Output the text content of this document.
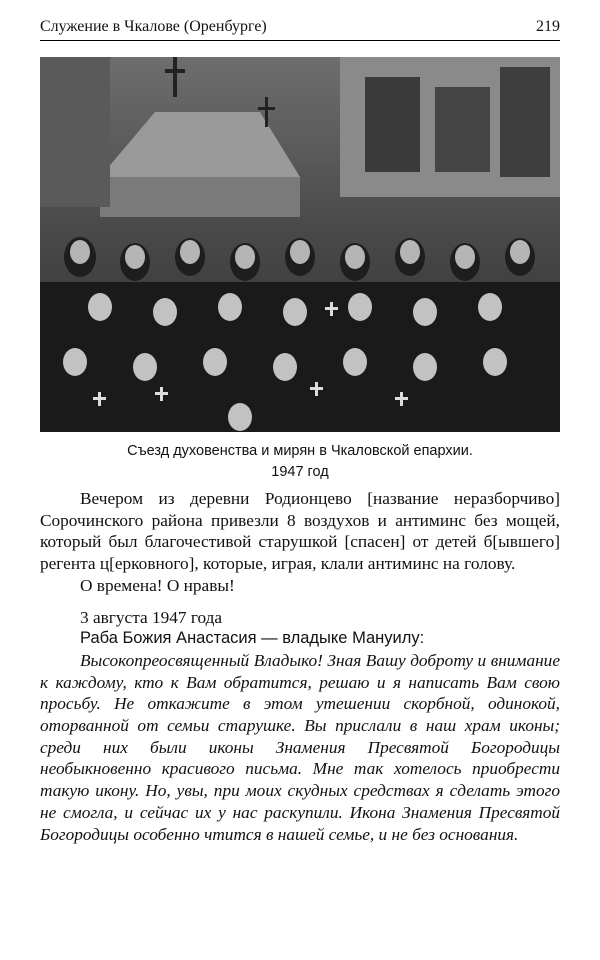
Служение в Чкалове (Оренбурге)	219
Съезд духовенства и мирян в Чкаловской епархии.
1947 год

Вечером из деревни Родионцево [название неразборчиво] Сорочинского района привезли 8 воздухов и антиминс без мощей, который был благочестивой старушкой [спасен] от детей б[ывшего] регента ц[ерковного], которые, играя, клали антиминс на голову.

О времена! О нравы!

3 августа 1947 года

Раба Божия Анастасия — владыке Мануилу:

Высокопреосвященный Владыко! Зная Вашу доброту и внимание к каждому, кто к Вам обратится, решаю и я написать Вам свою просьбу. Не откажите в этом утешении скорбной, одинокой, оторванной от семьи старушке. Вы прислали в наш храм иконы; среди них были иконы Знамения Пресвятой Богородицы необыкновенно красивого письма. Мне так хотелось приобрести такую икону. Но, увы, при моих скудных средствах я сделать этого не смогла, и сейчас их у нас раскупили. Икона Знамения Пресвятой Богородицы особенно чтится в нашей семье, и не без основания.
